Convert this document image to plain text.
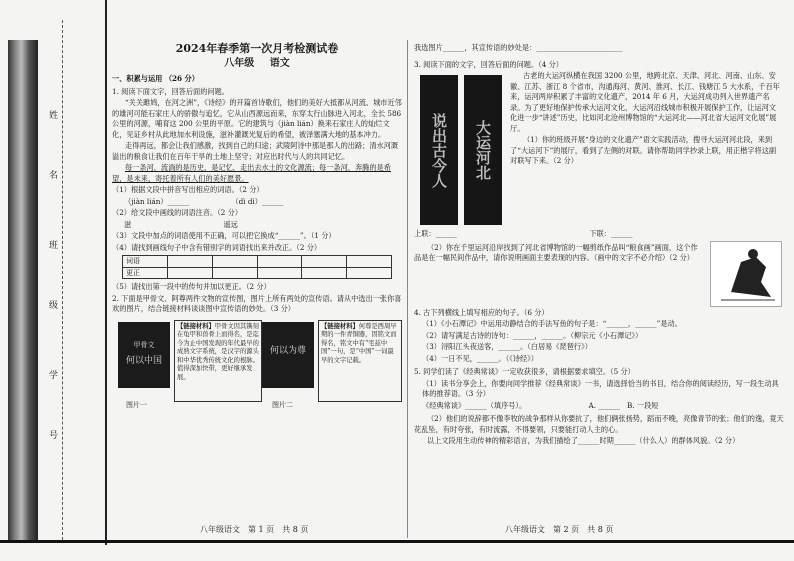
姓
名
班
级
学
号
2024年春季第一次月考检测试卷
八年级 语文
一、积累与运用 （26 分）
1. 阅读下面文字，回答后面的问题。

“关关雎鸠，在河之洲”，《诗经》的开篇首诗歌们，他们的美好大抵都从河流、城市近邻的雄河可能石家庄人的骄傲与追忆，它从山西源远而来，东穿太行山脉进入河北，全长 586 公里的河源，哺育这 200 公里的平原。它的建筑与（jiàn lián）换来石家庄人的灿烂文化，见证乡村从此地加水利设施，滋补灌溉光复后的希望，被泽塞满大地的基本冲力。

走得再远，都会让我们感激，找到自己的归途；武陵阿诗中那是那人的出路；清水河溉溢出的粮食让我们在百年干旱的土地上坚守；对应出时代与人的共同记忆。

每一条河，流淌的是历史，是记忆，走出去水土的文化源流；每一条河，奔腾的是希望，是未来，寄托着所有人们的美好愿景。

（1）根据文段中拼音写出相应的词语。（2 分）
（jiàn lián）______	（dì dì）______
（2）给文段中画线的词语注音。（2 分）
滋	遥远
（3）文段中加点的词语使用不正确，可以把它换成“______”。（1 分）
（4）请找到画线句子中含有错别字的词语找出来并改正。（2 分）
词语					
更正					
（5）请找出第一段中的传句并加以更正。（2 分）
2. 下面是甲骨文、阿尊两件文物的宣传图，图片上所有两处的宣传语。请从中选出一张你喜欢的图片，结合链接材料谈谈图中宣传语的妙处。（3 分）
甲骨文
何以中国
【链接材料】甲骨文因其镌刻在龟甲和兽骨上而得名，是迄今为止中国发现的年代最早的成熟文字系统，是汉字的源头和中华优秀传统文化的根脉。值得深加快带，更好继承发展。
图片一
何以为尊
【链接材料】何尊是西周早期的一件青铜器，因铭文而得名，铭文中有“宅兹中国”一句，是“中国”一词最早的文字记载。
图片二
我选图片______，其宣传语的妙处是：________________________
3. 阅读下面的文字，回答后面的问题。（4 分）
说出古今人	大运河北

古老的大运河纵横在我国 3200 公里，地跨北京、天津、河北、河南、山东、安徽、江苏、浙江 8 个省市，沟通海河、黄河、淮河、长江、钱塘江 5 大水系，千百年来，运河两岸积累了丰富的文化遗产，2014 年 6 月，大运河成功列入世界遗产名录。为了更好地保护传承大运河文化，大运河沿线城市积极开展保护工作，让运河文化进一步“讲述”历史，比如河北沧州博物馆的“大运河北——河北省大运河文化展”展厅。

（1）你的班级开展“身边的文化遗产”语文实践活动，搜寻大运河河北段，来到了“大运河下”的展厅，看到了左侧的对联。请你帮助同学抄录上联，用正楷字将这副对联写下来。（2 分）

上联：______	下联：______

（2）你在千里运河沿岸找到了河北省博物馆的一幅剪纸作品叫“粮食画”画面，这个作品是在一幅民间作品中，请你说明画面主要表现的内容。（画中的文字不必介绍）（2 分）

4. 古下列横线上填写相应的句子。（6 分）
（1）《小石潭记》中运用动静结合的手法写鱼的句子是：“______，______”是动。
（2）请写满足古诗的诗句：______，______。（柳宗元《小石潭记》）
（3）浔阳江头夜送客，______。（白居易《琵琶行》）
（4）一日不见，______。（《诗经》）
5. 同学们读了《经典常谈》一定收获很多，请根据要求填空。（5 分）
（1）读书分享会上，你要向同学推荐《经典常谈》一书，请选择恰当的书目，结合你的阅读经历，写一段生动具体的推荐语。（3 分）
《经典常谈》______（填序号）。	A. ______　B. 一段短

（2）他们的说辞都不像李牧的战争那样从你要抗了，他们俩张扬势，蹈而不晚，亮像青节的张；他们的逸，竟天花乱坠，有时夸张，有时流露，不得要领，只要能打动人主的心。

以上文段用生动传神的精彩语言，为我们描绘了______时期______（什么人）的群体风貌。（2 分）

八年级语文　第 1 页　共 8 页	八年级语文　第 2 页　共 8 页
